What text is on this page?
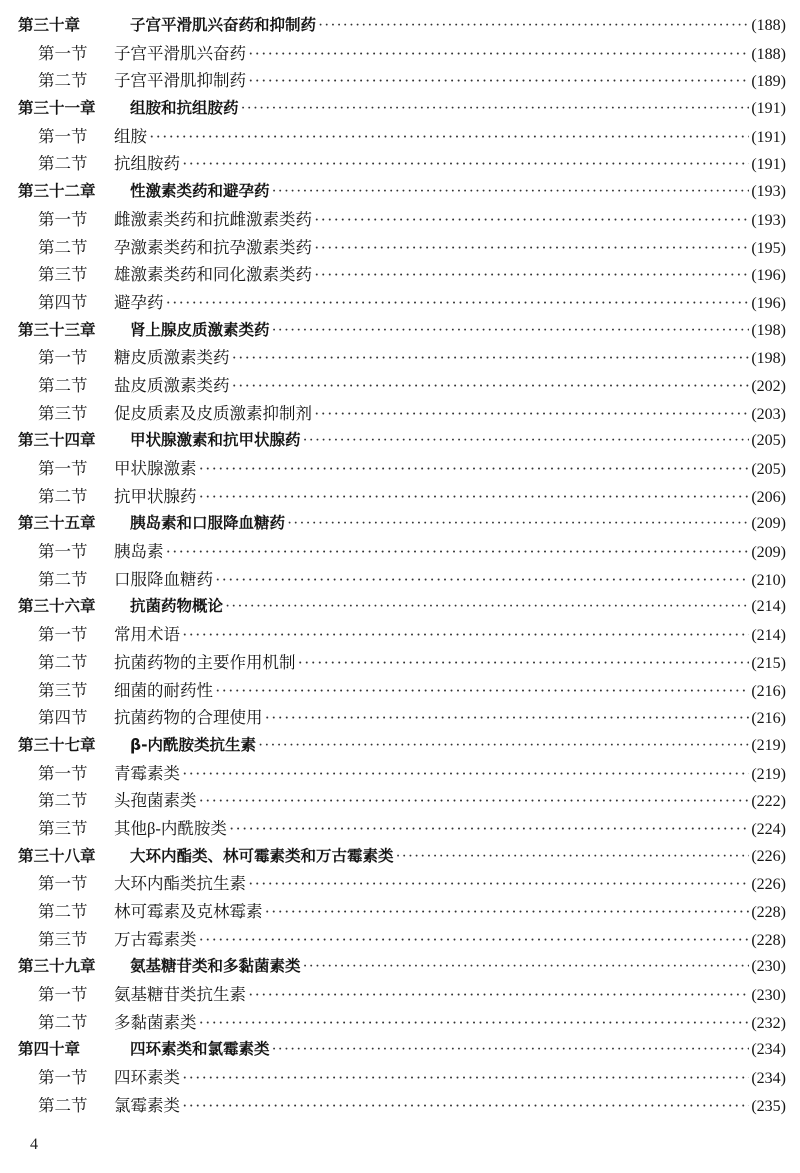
第三十章	子宫平滑肌兴奋药和抑制药 ·····	(188)
第一节	子宫平滑肌兴奋药 ·····	(188)
第二节	子宫平滑肌抑制药 ·····	(189)
第三十一章	组胺和抗组胺药 ·····	(191)
第一节	组胺 ·····	(191)
第二节	抗组胺药 ·····	(191)
第三十二章	性激素类药和避孕药 ·····	(193)
第一节	雌激素类药和抗雌激素类药 ·····	(193)
第二节	孕激素类药和抗孕激素类药 ·····	(195)
第三节	雄激素类药和同化激素类药 ·····	(196)
第四节	避孕药 ·····	(196)
第三十三章	肾上腺皮质激素类药 ·····	(198)
第一节	糖皮质激素类药 ·····	(198)
第二节	盐皮质激素类药 ·····	(202)
第三节	促皮质素及皮质激素抑制剂 ·····	(203)
第三十四章	甲状腺激素和抗甲状腺药 ·····	(205)
第一节	甲状腺激素 ·····	(205)
第二节	抗甲状腺药 ·····	(206)
第三十五章	胰岛素和口服降血糖药 ·····	(209)
第一节	胰岛素 ·····	(209)
第二节	口服降血糖药 ·····	(210)
第三十六章	抗菌药物概论 ·····	(214)
第一节	常用术语 ·····	(214)
第二节	抗菌药物的主要作用机制 ·····	(215)
第三节	细菌的耐药性 ·····	(216)
第四节	抗菌药物的合理使用 ·····	(216)
第三十七章	β-内酰胺类抗生素 ·····	(219)
第一节	青霉素类 ·····	(219)
第二节	头孢菌素类 ·····	(222)
第三节	其他β-内酰胺类 ·····	(224)
第三十八章	大环内酯类、林可霉素类和万古霉素类 ·····	(226)
第一节	大环内酯类抗生素 ·····	(226)
第二节	林可霉素及克林霉素 ·····	(228)
第三节	万古霉素类 ·····	(228)
第三十九章	氨基糖苷类和多黏菌素类 ·····	(230)
第一节	氨基糖苷类抗生素 ·····	(230)
第二节	多黏菌素类 ·····	(232)
第四十章	四环素类和氯霉素类 ·····	(234)
第一节	四环素类 ·····	(234)
第二节	氯霉素类 ·····	(235)
4
